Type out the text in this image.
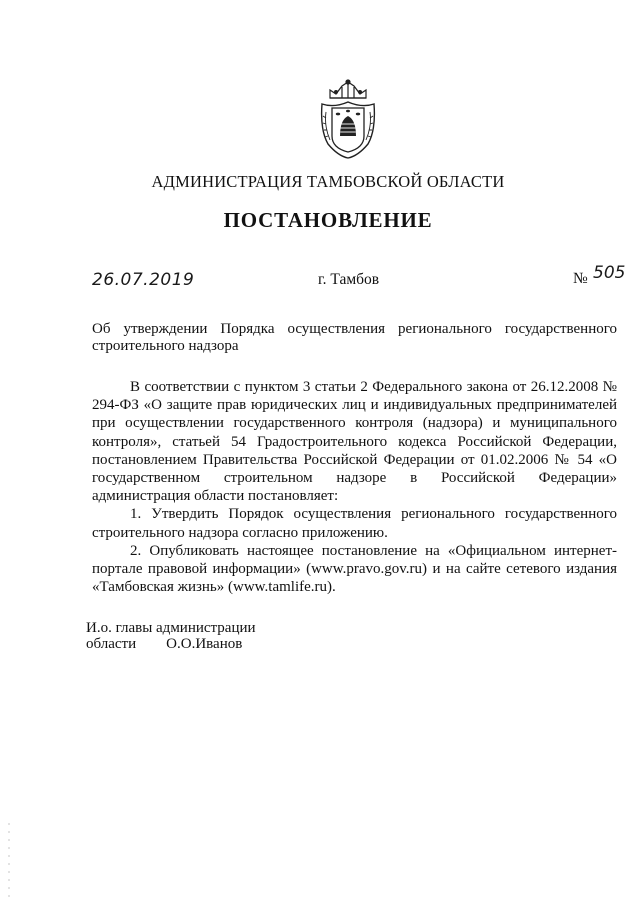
АДМИНИСТРАЦИЯ ТАМБОВСКОЙ ОБЛАСТИ
ПОСТАНОВЛЕНИЕ
26.07.2019	г. Тамбов	№ 505
Об утверждении Порядка осуществления регионального государственного строительного надзора

В соответствии с пунктом 3 статьи 2 Федерального закона от 26.12.2008 № 294-ФЗ «О защите прав юридических лиц и индивидуальных предпринимателей при осуществлении государственного контроля (надзора) и муниципального контроля», статьей 54 Градостроительного кодекса Российской Федерации, постановлением Правительства Российской Федерации от 01.02.2006 № 54 «О государственном строительном надзоре в Российской Федерации» администрация области постановляет:

1. Утвердить Порядок осуществления регионального государственного строительного надзора согласно приложению.

2. Опубликовать настоящее постановление на «Официальном интернет-портале правовой информации» (www.pravo.gov.ru) и на сайте сетевого издания «Тамбовская жизнь» (www.tamlife.ru).

И.о. главы администрации
области О.О.Иванов
